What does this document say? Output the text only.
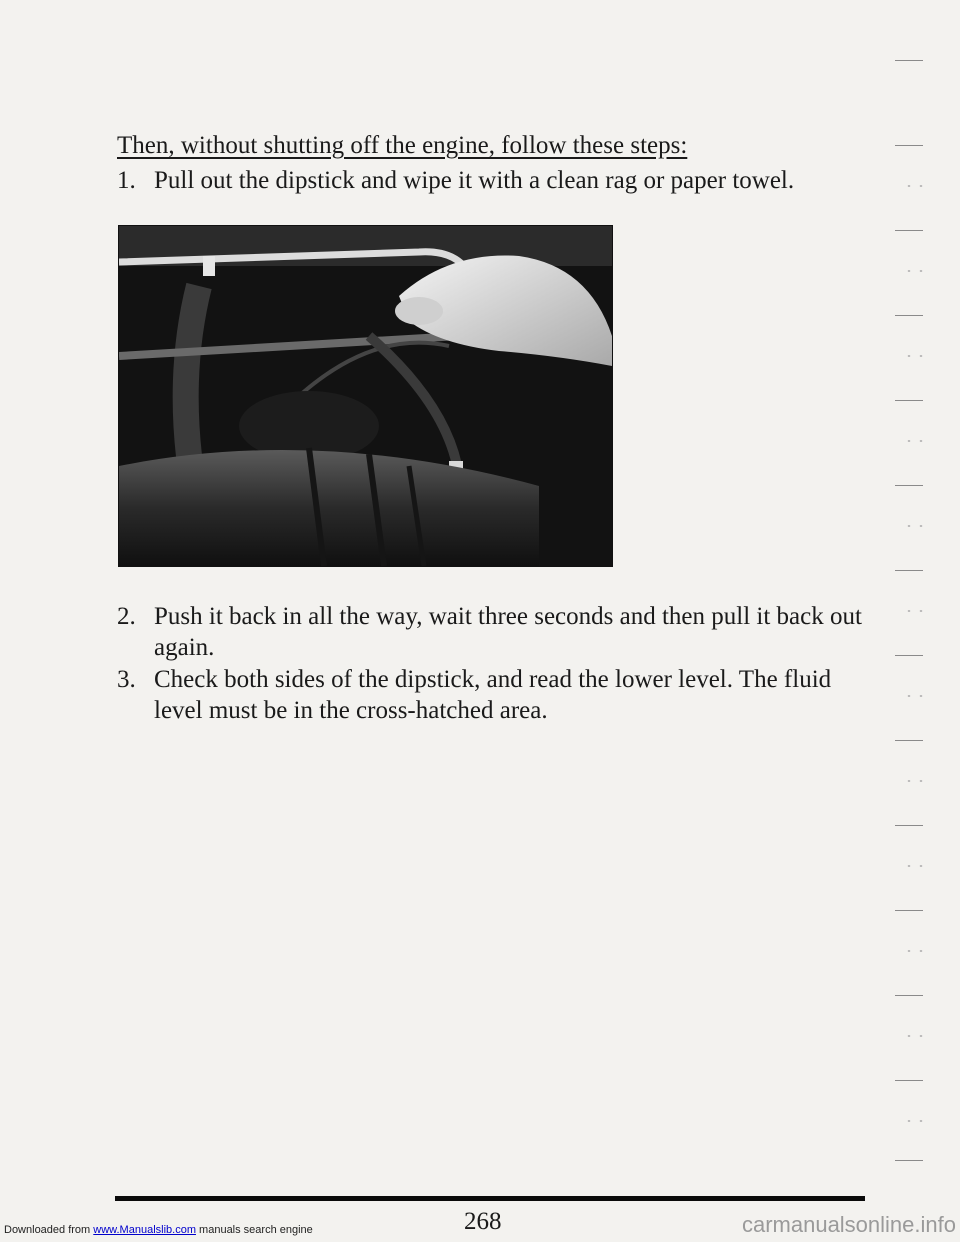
Then, without shutting off the engine, follow these steps:
1. Pull out the dipstick and wipe it with a clean rag or paper towel.
2. Push it back in all the way, wait three seconds and then pull it back out again.
3. Check both sides of the dipstick, and read the lower level. The fluid level must be in the cross-hatched area.
268
Downloaded from www.Manualslib.com manuals search engine	carmanualsonline.info
